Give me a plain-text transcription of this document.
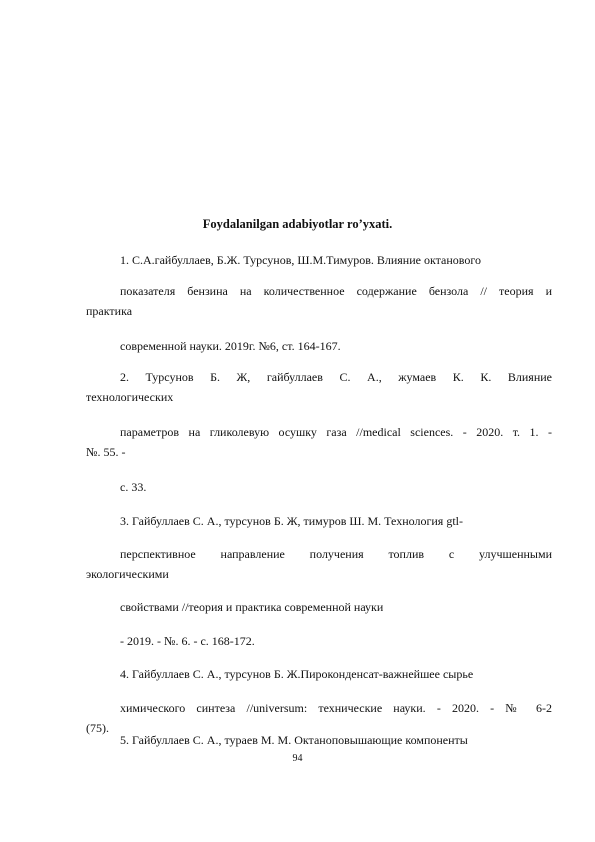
Foydalanilgan adabiyotlar ro’yxati.
1. С.А.гайбуллаев, Б.Ж. Турсунов, Ш.М.Тимуров. Влияние октанового
показателя бензина на количественное содержание бензола // теория и
практика
современной науки. 2019г. №6, ст. 164-167.
2. Турсунов Б. Ж, гайбуллаев С. А., жумаев К. К. Влияние
технологических
параметров на гликолевую осушку газа //medical sciences. - 2020. т. 1. -
№. 55. -
с. 33.
3. Гайбуллаев С. А., турсунов Б. Ж, тимуров Ш. М. Технология gtl-
перспективное направление получения топлив с улучшенными
экологическими
свойствами //теория и практика современной науки
- 2019. - №. 6. - с. 168-172.
4. Гайбуллаев С. А., турсунов Б. Ж.Пироконденсат-важнейшее сырье
химического синтеза //universum: технические науки. - 2020. - № 6-2
(75).
5. Гайбуллаев С. А., тураев М. М. Октаноповышающие компоненты
94
